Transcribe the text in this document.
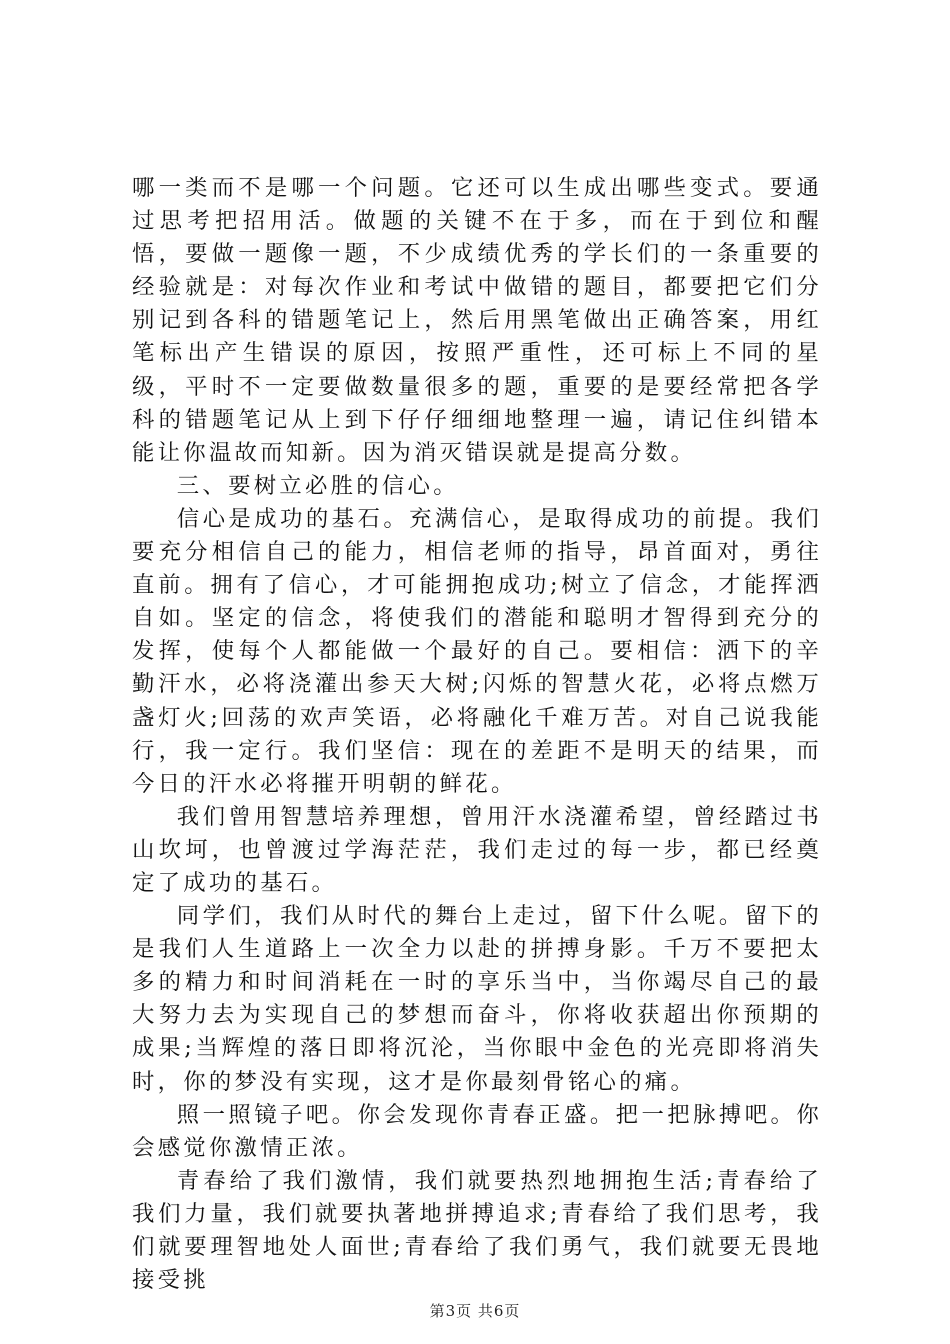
哪一类而不是哪一个问题。它还可以生成出哪些变式。要通过思考把招用活。做题的关键不在于多，而在于到位和醒悟，要做一题像一题，不少成绩优秀的学长们的一条重要的经验就是：对每次作业和考试中做错的题目，都要把它们分别记到各科的错题笔记上，然后用黑笔做出正确答案，用红笔标出产生错误的原因，按照严重性，还可标上不同的星级，平时不一定要做数量很多的题，重要的是要经常把各学科的错题笔记从上到下仔仔细细地整理一遍，请记住纠错本能让你温故而知新。因为消灭错误就是提高分数。

三、要树立必胜的信心。

信心是成功的基石。充满信心，是取得成功的前提。我们要充分相信自己的能力，相信老师的指导，昂首面对，勇往直前。拥有了信心，才可能拥抱成功;树立了信念，才能挥洒自如。坚定的信念，将使我们的潜能和聪明才智得到充分的发挥，使每个人都能做一个最好的自己。要相信：洒下的辛勤汗水，必将浇灌出参天大树;闪烁的智慧火花，必将点燃万盏灯火;回荡的欢声笑语，必将融化千难万苦。对自己说我能行，我一定行。我们坚信：现在的差距不是明天的结果，而今日的汗水必将摧开明朝的鲜花。

我们曾用智慧培养理想，曾用汗水浇灌希望，曾经踏过书山坎坷，也曾渡过学海茫茫，我们走过的每一步，都已经奠定了成功的基石。

同学们，我们从时代的舞台上走过，留下什么呢。留下的是我们人生道路上一次全力以赴的拼搏身影。千万不要把太多的精力和时间消耗在一时的享乐当中，当你竭尽自己的最大努力去为实现自己的梦想而奋斗，你将收获超出你预期的成果;当辉煌的落日即将沉沦，当你眼中金色的光亮即将消失时，你的梦没有实现，这才是你最刻骨铭心的痛。

照一照镜子吧。你会发现你青春正盛。把一把脉搏吧。你会感觉你激情正浓。

青春给了我们激情，我们就要热烈地拥抱生活;青春给了我们力量，我们就要执著地拼搏追求;青春给了我们思考，我们就要理智地处人面世;青春给了我们勇气，我们就要无畏地接受挑

第3页 共6页
